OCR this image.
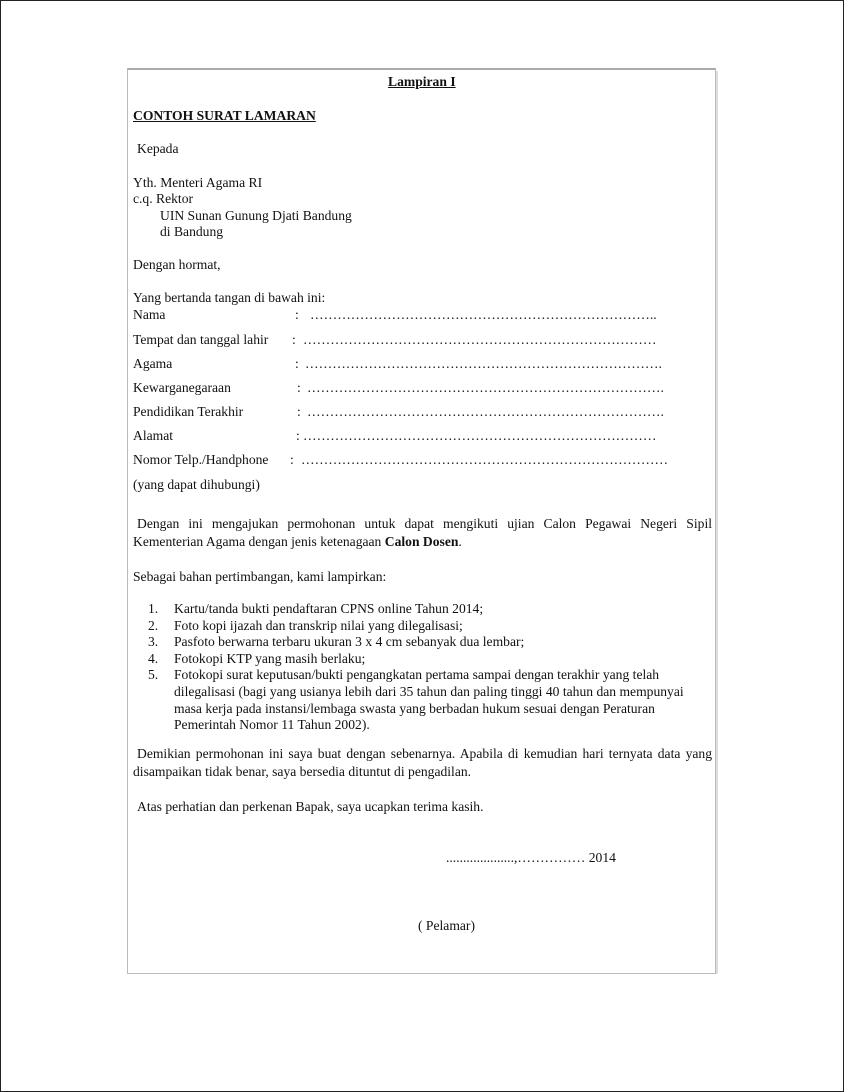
Lampiran I
CONTOH SURAT LAMARAN
Kepada
Yth. Menteri Agama RI
c.q. Rektor
UIN Sunan Gunung Djati Bandung
di Bandung
Dengan hormat,
Yang bertanda tangan di bawah ini:
Nama	: …………………………………………………………………..
Tempat dan tanggal lahir : ……………………………………………………………………
Agama	: …………………………………………………………………….
Kewarganegaraan	: …………………………………………………………………….
Pendidikan Terakhir	: …………………………………………………………………….
Alamat	: ……………………………………………………………………
Nomor Telp./Handphone : ………………………………………………………………………
(yang dapat dihubungi)
Dengan ini mengajukan permohonan untuk dapat mengikuti ujian Calon Pegawai Negeri Sipil Kementerian Agama dengan jenis ketenagaan Calon Dosen.
Sebagai bahan pertimbangan, kami lampirkan:
1. Kartu/tanda bukti pendaftaran CPNS online Tahun 2014;
2. Foto kopi ijazah dan transkrip nilai yang dilegalisasi;
3. Pasfoto berwarna terbaru ukuran 3 x 4 cm sebanyak dua lembar;
4. Fotokopi KTP yang masih berlaku;
5. Fotokopi surat keputusan/bukti pengangkatan pertama sampai dengan terakhir yang telah dilegalisasi (bagi yang usianya lebih dari 35 tahun dan paling tinggi 40 tahun dan mempunyai masa kerja pada instansi/lembaga swasta yang berbadan hukum sesuai dengan Peraturan Pemerintah Nomor 11 Tahun 2002).
Demikian permohonan ini saya buat dengan sebenarnya. Apabila di kemudian hari ternyata data yang disampaikan tidak benar, saya bersedia dituntut di pengadilan.
Atas perhatian dan perkenan Bapak, saya ucapkan terima kasih.
....................,…………… 2014
( Pelamar)
